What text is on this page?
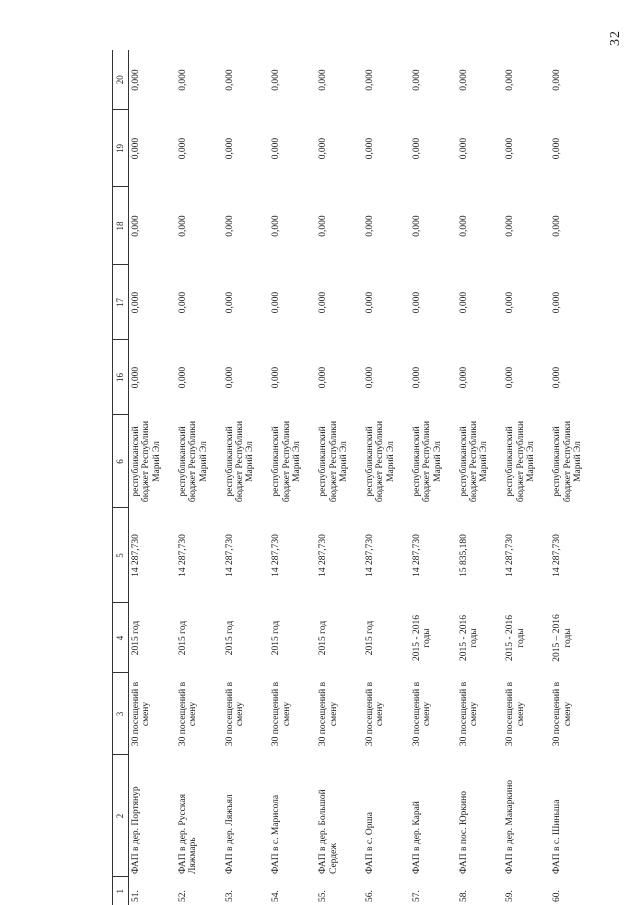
32
1	2	3	4	5	6	16	17	18	19	20
51.	ФАП в дер. Портянур	30 посещений в смену	2015 год	14 287,730	республиканский бюджет Республики Марий Эл	0,000	0,000	0,000	0,000	0,000
52.	ФАП в дер. Русская Ляжмарь	30 посещений в смену	2015 год	14 287,730	республиканский бюджет Республики Марий Эл	0,000	0,000	0,000	0,000	0,000
53.	ФАП в дер. Ляжъял	30 посещений в смену	2015 год	14 287,730	республиканский бюджет Республики Марий Эл	0,000	0,000	0,000	0,000	0,000
54.	ФАП в с. Марисола	30 посещений в смену	2015 год	14 287,730	республиканский бюджет Республики Марий Эл	0,000	0,000	0,000	0,000	0,000
55.	ФАП в дер. Большой Сердеж	30 посещений в смену	2015 год	14 287,730	республиканский бюджет Республики Марий Эл	0,000	0,000	0,000	0,000	0,000
56.	ФАП в с. Орша	30 посещений в смену	2015 год	14 287,730	республиканский бюджет Республики Марий Эл	0,000	0,000	0,000	0,000	0,000
57.	ФАП в дер. Карай	30 посещений в смену	2015 - 2016 годы	14 287,730	республиканский бюджет Республики Марий Эл	0,000	0,000	0,000	0,000	0,000
58.	ФАП в пос. Юркино	30 посещений в смену	2015 - 2016 годы	15 835,180	республиканский бюджет Республики Марий Эл	0,000	0,000	0,000	0,000	0,000
59.	ФАП в дер. Макаркино	30 посещений в смену	2015 - 2016 годы	14 287,730	республиканский бюджет Республики Марий Эл	0,000	0,000	0,000	0,000	0,000
60.	ФАП в с. Шиньша	30 посещений в смену	2015 – 2016 годы	14 287,730	республиканский бюджет Республики Марий Эл	0,000	0,000	0,000	0,000	0,000
